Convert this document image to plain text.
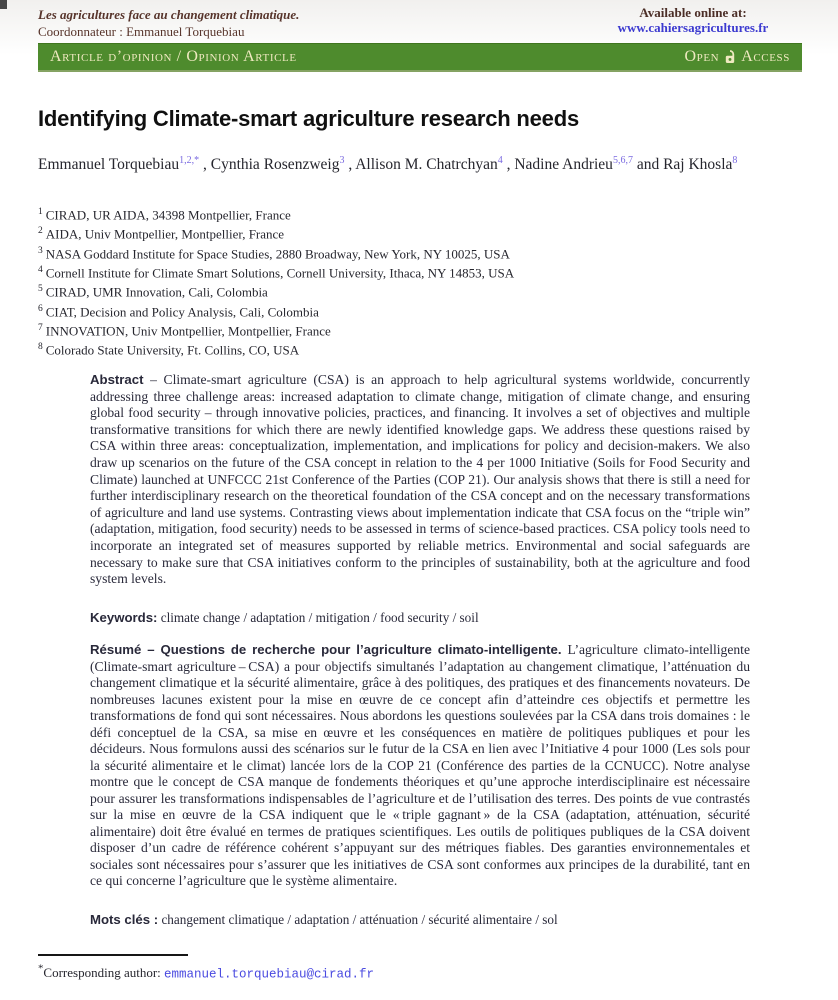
Les agricultures face au changement climatique.
Coordonnateur : Emmanuel Torquebiau
Available online at:
www.cahiersagricultures.fr
Article d’opinion / Opinion Article	Open Access
Identifying Climate-smart agriculture research needs
Emmanuel Torquebiau$^{1,2,*}$ , Cynthia Rosenzweig$^3$ , Allison M. Chatrchyan$^4$ , Nadine Andrieu$^{5,6,7}$ and Raj Khosla$^8$
$^1$ CIRAD, UR AIDA, 34398 Montpellier, France
$^2$ AIDA, Univ Montpellier, Montpellier, France
$^3$ NASA Goddard Institute for Space Studies, 2880 Broadway, New York, NY 10025, USA
$^4$ Cornell Institute for Climate Smart Solutions, Cornell University, Ithaca, NY 14853, USA
$^5$ CIRAD, UMR Innovation, Cali, Colombia
$^6$ CIAT, Decision and Policy Analysis, Cali, Colombia
$^7$ INNOVATION, Univ Montpellier, Montpellier, France
$^8$ Colorado State University, Ft. Collins, CO, USA

Abstract – Climate-smart agriculture (CSA) is an approach to help agricultural systems worldwide, concurrently addressing three challenge areas: increased adaptation to climate change, mitigation of climate change, and ensuring global food security – through innovative policies, practices, and financing. It involves a set of objectives and multiple transformative transitions for which there are newly identified knowledge gaps. We address these questions raised by CSA within three areas: conceptualization, implementation, and implications for policy and decision-makers. We also draw up scenarios on the future of the CSA concept in relation to the 4 per 1000 Initiative (Soils for Food Security and Climate) launched at UNFCCC 21st Conference of the Parties (COP 21). Our analysis shows that there is still a need for further interdisciplinary research on the theoretical foundation of the CSA concept and on the necessary transformations of agriculture and land use systems. Contrasting views about implementation indicate that CSA focus on the “triple win” (adaptation, mitigation, food security) needs to be assessed in terms of science-based practices. CSA policy tools need to incorporate an integrated set of measures supported by reliable metrics. Environmental and social safeguards are necessary to make sure that CSA initiatives conform to the principles of sustainability, both at the agriculture and food system levels.

Keywords: climate change / adaptation / mitigation / food security / soil

Résumé – Questions de recherche pour l’agriculture climato-intelligente. L’agriculture climato-intelligente (Climate-smart agriculture – CSA) a pour objectifs simultanés l’adaptation au changement climatique, l’atténuation du changement climatique et la sécurité alimentaire, grâce à des politiques, des pratiques et des financements novateurs. De nombreuses lacunes existent pour la mise en œuvre de ce concept afin d’atteindre ces objectifs et permettre les transformations de fond qui sont nécessaires. Nous abordons les questions soulevées par la CSA dans trois domaines : le défi conceptuel de la CSA, sa mise en œuvre et les conséquences en matière de politiques publiques et pour les décideurs. Nous formulons aussi des scénarios sur le futur de la CSA en lien avec l’Initiative 4 pour 1000 (Les sols pour la sécurité alimentaire et le climat) lancée lors de la COP 21 (Conférence des parties de la CCNUCC). Notre analyse montre que le concept de CSA manque de fondements théoriques et qu’une approche interdisciplinaire est nécessaire pour assurer les transformations indispensables de l’agriculture et de l’utilisation des terres. Des points de vue contrastés sur la mise en œuvre de la CSA indiquent que le « triple gagnant » de la CSA (adaptation, atténuation, sécurité alimentaire) doit être évalué en termes de pratiques scientifiques. Les outils de politiques publiques de la CSA doivent disposer d’un cadre de référence cohérent s’appuyant sur des métriques fiables. Des garanties environnementales et sociales sont nécessaires pour s’assurer que les initiatives de CSA sont conformes aux principes de la durabilité, tant en ce qui concerne l’agriculture que le système alimentaire.

Mots clés : changement climatique / adaptation / atténuation / sécurité alimentaire / sol

*Corresponding author: emmanuel.torquebiau@cirad.fr
